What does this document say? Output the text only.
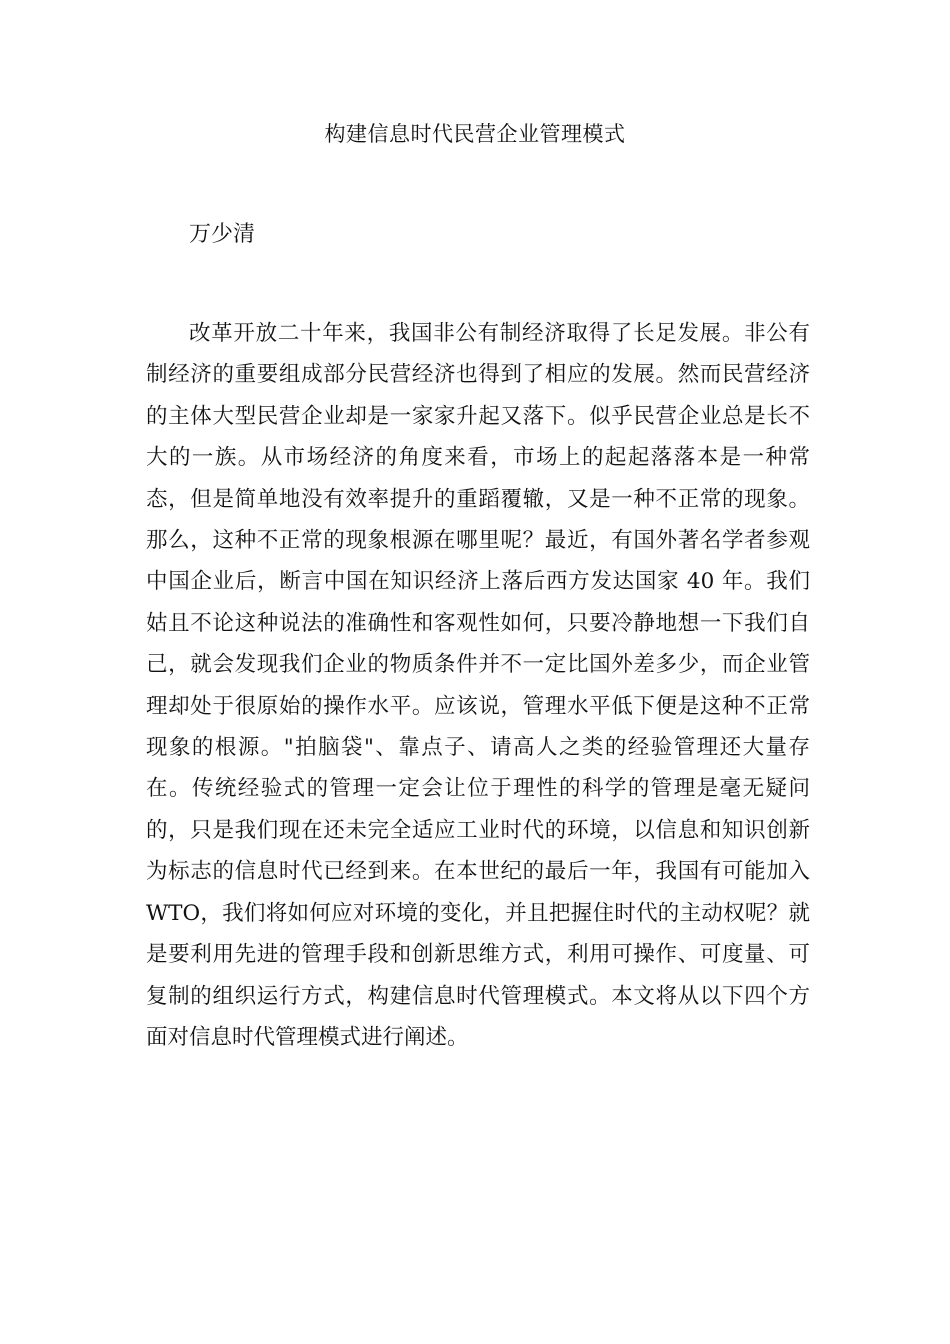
构建信息时代民营企业管理模式
万少清

改革开放二十年来，我国非公有制经济取得了长足发展。非公有制经济的重要组成部分民营经济也得到了相应的发展。然而民营经济的主体大型民营企业却是一家家升起又落下。似乎民营企业总是长不大的一族。从市场经济的角度来看，市场上的起起落落本是一种常态，但是简单地没有效率提升的重蹈覆辙，又是一种不正常的现象。那么，这种不正常的现象根源在哪里呢？最近，有国外著名学者参观中国企业后，断言中国在知识经济上落后西方发达国家 40 年。我们姑且不论这种说法的准确性和客观性如何，只要冷静地想一下我们自己，就会发现我们企业的物质条件并不一定比国外差多少，而企业管理却处于很原始的操作水平。应该说，管理水平低下便是这种不正常现象的根源。"拍脑袋"、靠点子、请高人之类的经验管理还大量存在。传统经验式的管理一定会让位于理性的科学的管理是毫无疑问的，只是我们现在还未完全适应工业时代的环境，以信息和知识创新为标志的信息时代已经到来。在本世纪的最后一年，我国有可能加入 WTO，我们将如何应对环境的变化，并且把握住时代的主动权呢？就是要利用先进的管理手段和创新思维方式，利用可操作、可度量、可复制的组织运行方式，构建信息时代管理模式。本文将从以下四个方面对信息时代管理模式进行阐述。
